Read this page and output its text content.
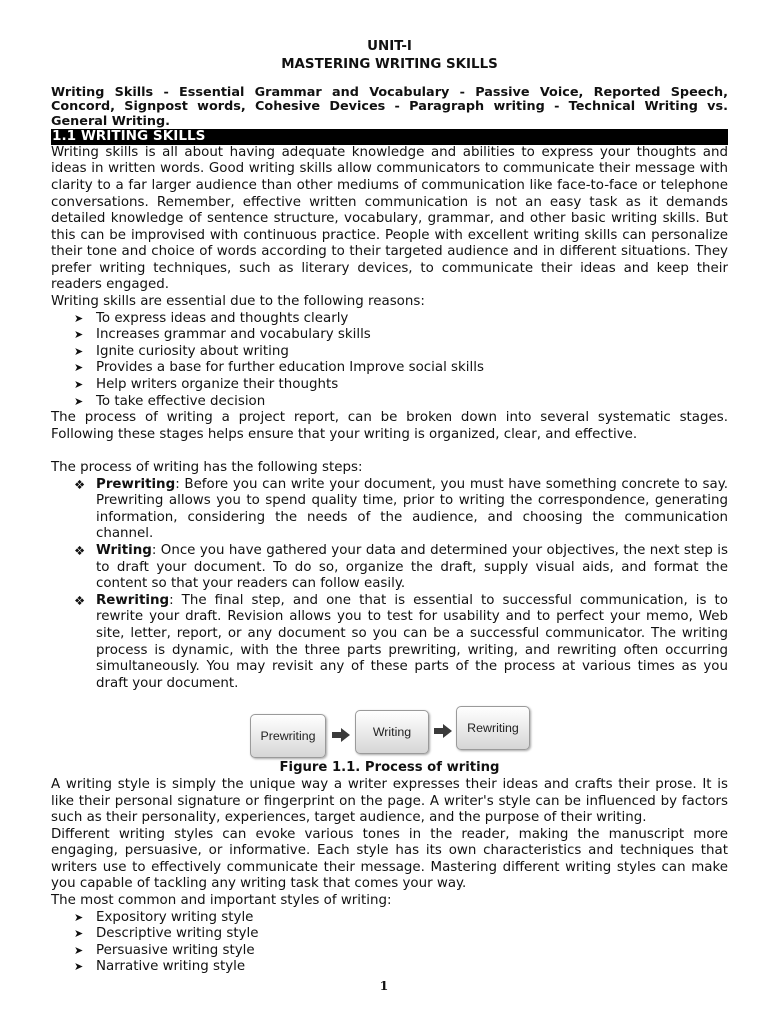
UNIT-I
MASTERING WRITING SKILLS
Writing Skills - Essential Grammar and Vocabulary - Passive Voice, Reported Speech, Concord, Signpost words, Cohesive Devices - Paragraph writing - Technical Writing vs. General Writing.
1.1 WRITING SKILLS

Writing skills is all about having adequate knowledge and abilities to express your thoughts and ideas in written words. Good writing skills allow communicators to communicate their message with clarity to a far larger audience than other mediums of communication like face-to-face or telephone conversations. Remember, effective written communication is not an easy task as it demands detailed knowledge of sentence structure, vocabulary, grammar, and other basic writing skills. But this can be improvised with continuous practice. People with excellent writing skills can personalize their tone and choice of words according to their targeted audience and in different situations. They prefer writing techniques, such as literary devices, to communicate their ideas and keep their readers engaged.

Writing skills are essential due to the following reasons:

➤ To express ideas and thoughts clearly
➤ Increases grammar and vocabulary skills
➤ Ignite curiosity about writing
➤ Provides a base for further education Improve social skills
➤ Help writers organize their thoughts
➤ To take effective decision

The process of writing a project report, can be broken down into several systematic stages. Following these stages helps ensure that your writing is organized, clear, and effective.

The process of writing has the following steps:

❖ Prewriting: Before you can write your document, you must have something concrete to say. Prewriting allows you to spend quality time, prior to writing the correspondence, generating information, considering the needs of the audience, and choosing the communication channel.
❖ Writing: Once you have gathered your data and determined your objectives, the next step is to draft your document. To do so, organize the draft, supply visual aids, and format the content so that your readers can follow easily.
❖ Rewriting: The final step, and one that is essential to successful communication, is to rewrite your draft. Revision allows you to test for usability and to perfect your memo, Web site, letter, report, or any document so you can be a successful communicator. The writing process is dynamic, with the three parts prewriting, writing, and rewriting often occurring simultaneously. You may revisit any of these parts of the process at various times as you draft your document.
Prewriting	Writing	Rewriting
Figure 1.1. Process of writing

A writing style is simply the unique way a writer expresses their ideas and crafts their prose. It is like their personal signature or fingerprint on the page. A writer's style can be influenced by factors such as their personality, experiences, target audience, and the purpose of their writing.

Different writing styles can evoke various tones in the reader, making the manuscript more engaging, persuasive, or informative. Each style has its own characteristics and techniques that writers use to effectively communicate their message. Mastering different writing styles can make you capable of tackling any writing task that comes your way.

The most common and important styles of writing:

➤ Expository writing style
➤ Descriptive writing style
➤ Persuasive writing style
➤ Narrative writing style
1
